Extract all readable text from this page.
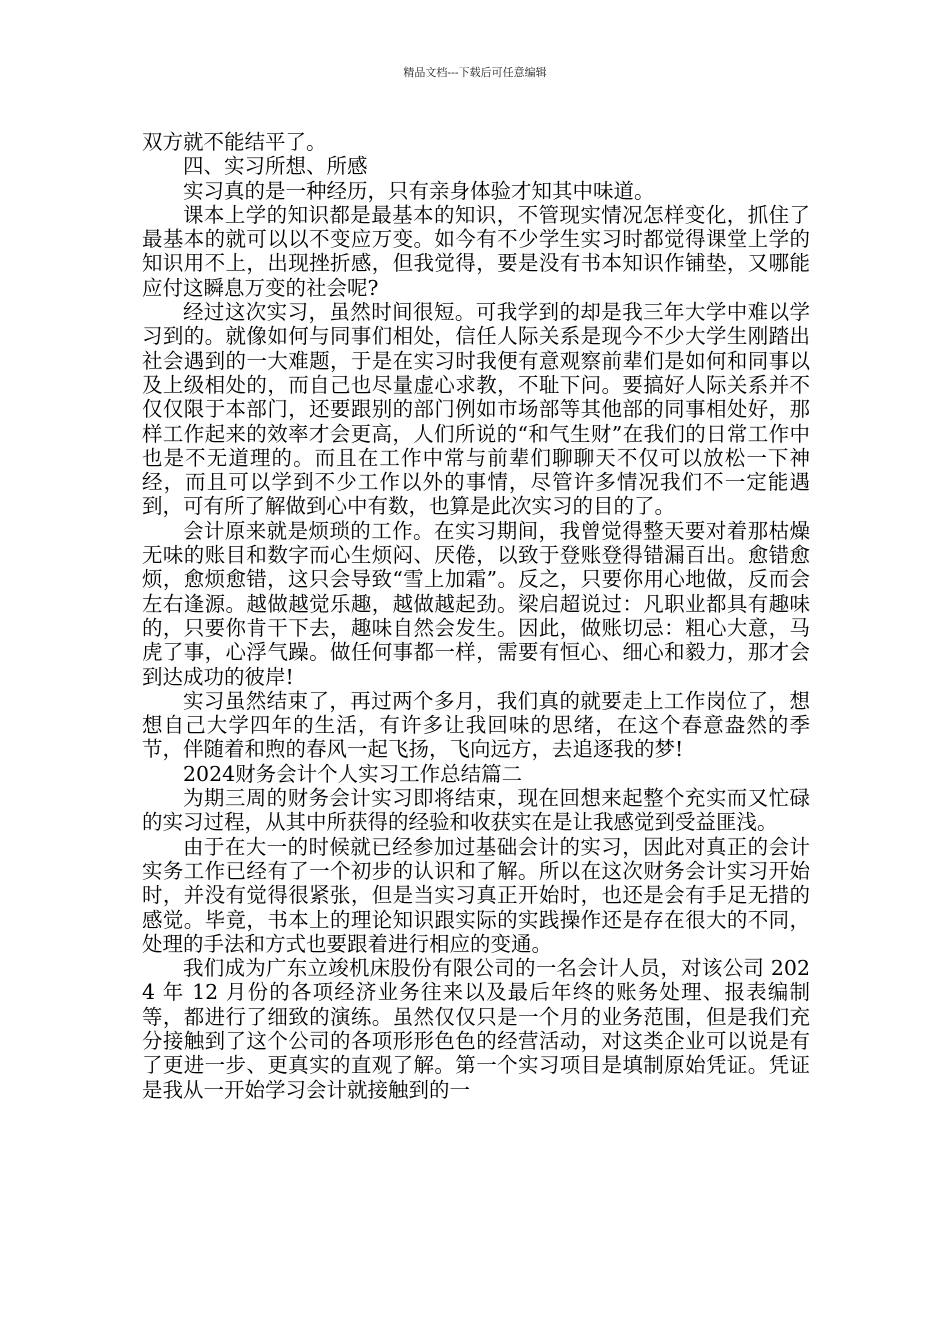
精品文档---下载后可任意编辑

双方就不能结平了。

四、实习所想、所感

实习真的是一种经历，只有亲身体验才知其中味道。

课本上学的知识都是最基本的知识，不管现实情况怎样变化，抓住了最基本的就可以以不变应万变。如今有不少学生实习时都觉得课堂上学的知识用不上，出现挫折感，但我觉得，要是没有书本知识作铺垫，又哪能应付这瞬息万变的社会呢?

经过这次实习，虽然时间很短。可我学到的却是我三年大学中难以学习到的。就像如何与同事们相处，信任人际关系是现今不少大学生刚踏出社会遇到的一大难题，于是在实习时我便有意观察前辈们是如何和同事以及上级相处的，而自己也尽量虚心求教，不耻下问。要搞好人际关系并不仅仅限于本部门，还要跟别的部门例如市场部等其他部的同事相处好，那样工作起来的效率才会更高，人们所说的“和气生财”在我们的日常工作中也是不无道理的。而且在工作中常与前辈们聊聊天不仅可以放松一下神经，而且可以学到不少工作以外的事情，尽管许多情况我们不一定能遇到，可有所了解做到心中有数，也算是此次实习的目的了。

会计原来就是烦琐的工作。在实习期间，我曾觉得整天要对着那枯燥无味的账目和数字而心生烦闷、厌倦，以致于登账登得错漏百出。愈错愈烦，愈烦愈错，这只会导致“雪上加霜”。反之，只要你用心地做，反而会左右逢源。越做越觉乐趣，越做越起劲。梁启超说过：凡职业都具有趣味的，只要你肯干下去，趣味自然会发生。因此，做账切忌：粗心大意，马虎了事，心浮气躁。做任何事都一样，需要有恒心、细心和毅力，那才会到达成功的彼岸!

实习虽然结束了，再过两个多月，我们真的就要走上工作岗位了，想想自己大学四年的生活，有许多让我回味的思绪，在这个春意盎然的季节，伴随着和煦的春风一起飞扬，飞向远方，去追逐我的梦!

2024财务会计个人实习工作总结篇二

为期三周的财务会计实习即将结束，现在回想来起整个充实而又忙碌的实习过程，从其中所获得的经验和收获实在是让我感觉到受益匪浅。

由于在大一的时候就已经参加过基础会计的实习，因此对真正的会计实务工作已经有了一个初步的认识和了解。所以在这次财务会计实习开始时，并没有觉得很紧张，但是当实习真正开始时，也还是会有手足无措的感觉。毕竟，书本上的理论知识跟实际的实践操作还是存在很大的不同，处理的手法和方式也要跟着进行相应的变通。

我们成为广东立竣机床股份有限公司的一名会计人员，对该公司 2024 年 12 月份的各项经济业务往来以及最后年终的账务处理、报表编制等，都进行了细致的演练。虽然仅仅只是一个月的业务范围，但是我们充分接触到了这个公司的各项形形色色的经营活动，对这类企业可以说是有了更进一步、更真实的直观了解。第一个实习项目是填制原始凭证。凭证是我从一开始学习会计就接触到的一
